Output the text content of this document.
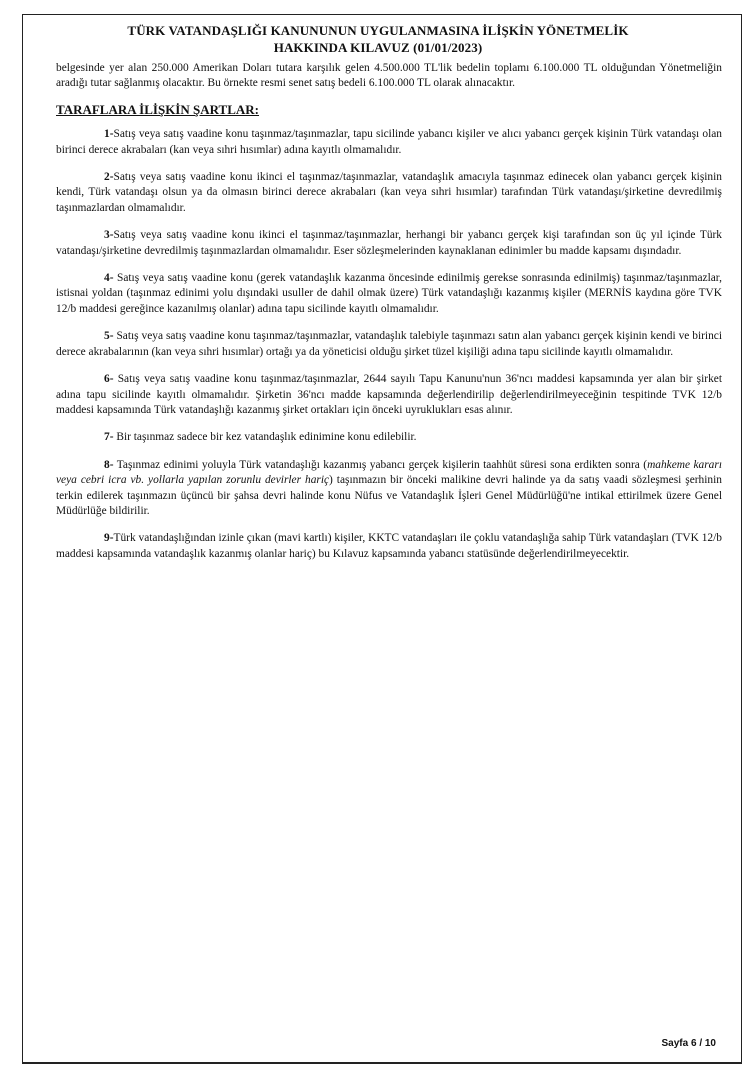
TÜRK VATANDAŞLIĞI KANUNUNUN UYGULANMASINA İLİŞKİN YÖNETMELİK
HAKKINDA KILAVUZ (01/01/2023)

belgesinde yer alan 250.000 Amerikan Doları tutara karşılık gelen 4.500.000 TL'lik bedelin toplamı 6.100.000 TL olduğundan Yönetmeliğin aradığı tutar sağlanmış olacaktır. Bu örnekte resmi senet satış bedeli 6.100.000 TL olarak alınacaktır.

TARAFLARA İLİŞKİN ŞARTLAR:

1-Satış veya satış vaadine konu taşınmaz/taşınmazlar, tapu sicilinde yabancı kişiler ve alıcı yabancı gerçek kişinin Türk vatandaşı olan birinci derece akrabaları (kan veya sıhri hısımlar) adına kayıtlı olmamalıdır.

2-Satış veya satış vaadine konu ikinci el taşınmaz/taşınmazlar, vatandaşlık amacıyla taşınmaz edinecek olan yabancı gerçek kişinin kendi, Türk vatandaşı olsun ya da olmasın birinci derece akrabaları (kan veya sıhri hısımlar) tarafından Türk vatandaşı/şirketine devredilmiş taşınmazlardan olmamalıdır.

3-Satış veya satış vaadine konu ikinci el taşınmaz/taşınmazlar, herhangi bir yabancı gerçek kişi tarafından son üç yıl içinde Türk vatandaşı/şirketine devredilmiş taşınmazlardan olmamalıdır. Eser sözleşmelerinden kaynaklanan edinimler bu madde kapsamı dışındadır.

4- Satış veya satış vaadine konu (gerek vatandaşlık kazanma öncesinde edinilmiş gerekse sonrasında edinilmiş) taşınmaz/taşınmazlar, istisnai yoldan (taşınmaz edinimi yolu dışındaki usuller de dahil olmak üzere) Türk vatandaşlığı kazanmış kişiler (MERNİS kaydına göre TVK 12/b maddesi gereğince kazanılmış olanlar) adına tapu sicilinde kayıtlı olmamalıdır.

5- Satış veya satış vaadine konu taşınmaz/taşınmazlar, vatandaşlık talebiyle taşınmazı satın alan yabancı gerçek kişinin kendi ve birinci derece akrabalarının (kan veya sıhri hısımlar) ortağı ya da yöneticisi olduğu şirket tüzel kişiliği adına tapu sicilinde kayıtlı olmamalıdır.

6- Satış veya satış vaadine konu taşınmaz/taşınmazlar, 2644 sayılı Tapu Kanunu'nun 36'ncı maddesi kapsamında yer alan bir şirket adına tapu sicilinde kayıtlı olmamalıdır. Şirketin 36'ncı madde kapsamında değerlendirilip değerlendirilmeyeceğinin tespitinde TVK 12/b maddesi kapsamında Türk vatandaşlığı kazanmış şirket ortakları için önceki uyruklukları esas alınır.

7- Bir taşınmaz sadece bir kez vatandaşlık edinimine konu edilebilir.

8- Taşınmaz edinimi yoluyla Türk vatandaşlığı kazanmış yabancı gerçek kişilerin taahhüt süresi sona erdikten sonra (mahkeme kararı veya cebri icra vb. yollarla yapılan zorunlu devirler hariç) taşınmazın bir önceki malikine devri halinde ya da satış vaadi sözleşmesi şerhinin terkin edilerek taşınmazın üçüncü bir şahsa devri halinde konu Nüfus ve Vatandaşlık İşleri Genel Müdürlüğü'ne intikal ettirilmek üzere Genel Müdürlüğe bildirilir.

9-Türk vatandaşlığından izinle çıkan (mavi kartlı) kişiler, KKTC vatandaşları ile çoklu vatandaşlığa sahip Türk vatandaşları (TVK 12/b maddesi kapsamında vatandaşlık kazanmış olanlar hariç) bu Kılavuz kapsamında yabancı statüsünde değerlendirilmeyecektir.

Sayfa 6 / 10
